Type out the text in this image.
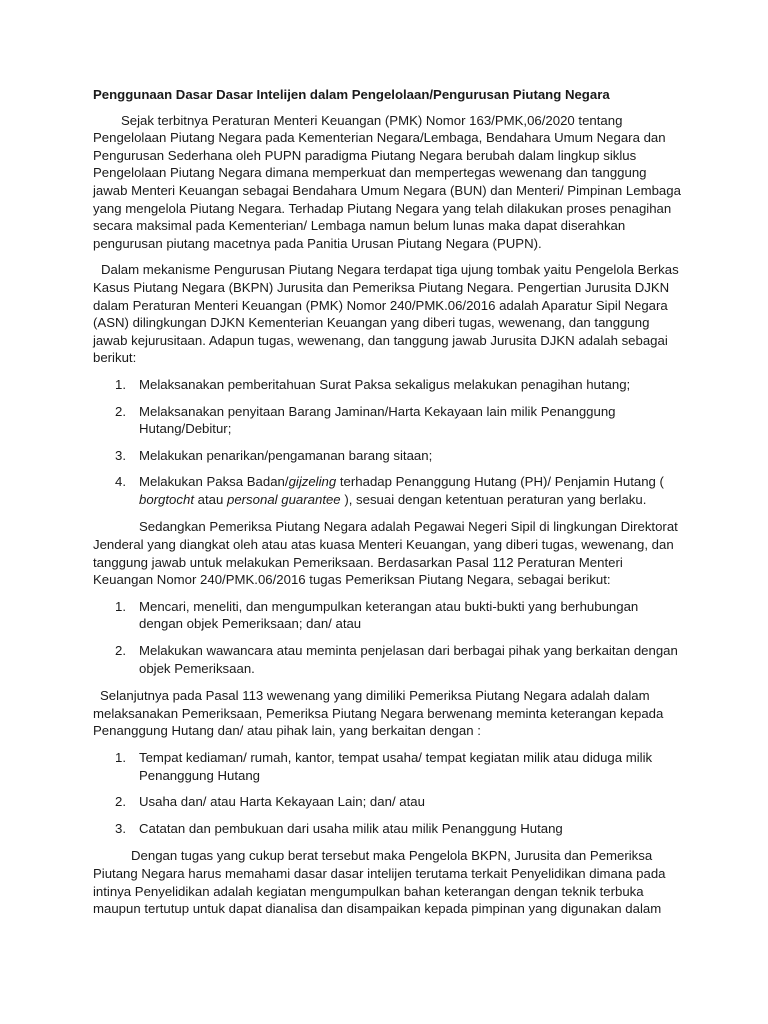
Penggunaan Dasar Dasar Intelijen dalam Pengelolaan/Pengurusan Piutang Negara

Sejak terbitnya Peraturan Menteri Keuangan (PMK) Nomor 163/PMK,06/2020 tentang Pengelolaan Piutang Negara pada Kementerian Negara/Lembaga, Bendahara Umum Negara dan Pengurusan Sederhana oleh PUPN paradigma Piutang Negara berubah dalam lingkup siklus Pengelolaan Piutang Negara dimana memperkuat dan mempertegas wewenang dan tanggung jawab Menteri Keuangan sebagai Bendahara Umum Negara (BUN) dan Menteri/ Pimpinan Lembaga yang mengelola Piutang Negara. Terhadap Piutang Negara yang telah dilakukan proses penagihan secara maksimal pada Kementerian/ Lembaga namun belum lunas maka dapat diserahkan pengurusan piutang macetnya pada Panitia Urusan Piutang Negara (PUPN).

Dalam mekanisme Pengurusan Piutang Negara terdapat tiga ujung tombak yaitu Pengelola Berkas Kasus Piutang Negara (BKPN) Jurusita dan Pemeriksa Piutang Negara. Pengertian Jurusita DJKN dalam Peraturan Menteri Keuangan (PMK) Nomor 240/PMK.06/2016 adalah Aparatur Sipil Negara (ASN) dilingkungan DJKN Kementerian Keuangan yang diberi tugas, wewenang, dan tanggung jawab kejurusitaan. Adapun tugas, wewenang, dan tanggung jawab Jurusita DJKN adalah sebagai berikut:

1. Melaksanakan pemberitahuan Surat Paksa sekaligus melakukan penagihan hutang;
2. Melaksanakan penyitaan Barang Jaminan/Harta Kekayaan lain milik Penanggung Hutang/Debitur;
3. Melakukan penarikan/pengamanan barang sitaan;
4. Melakukan Paksa Badan/gijzeling terhadap Penanggung Hutang (PH)/ Penjamin Hutang ( borgtocht atau personal guarantee ), sesuai dengan ketentuan peraturan yang berlaku.

Sedangkan Pemeriksa Piutang Negara adalah Pegawai Negeri Sipil di lingkungan Direktorat Jenderal yang diangkat oleh atau atas kuasa Menteri Keuangan, yang diberi tugas, wewenang, dan tanggung jawab untuk melakukan Pemeriksaan. Berdasarkan Pasal 112 Peraturan Menteri Keuangan Nomor 240/PMK.06/2016 tugas Pemeriksan Piutang Negara, sebagai berikut:

1. Mencari, meneliti, dan mengumpulkan keterangan atau bukti-bukti yang berhubungan dengan objek Pemeriksaan; dan/ atau
2. Melakukan wawancara atau meminta penjelasan dari berbagai pihak yang berkaitan dengan objek Pemeriksaan.

Selanjutnya pada Pasal 113 wewenang yang dimiliki Pemeriksa Piutang Negara adalah dalam melaksanakan Pemeriksaan, Pemeriksa Piutang Negara berwenang meminta keterangan kepada Penanggung Hutang dan/ atau pihak lain, yang berkaitan dengan :

1. Tempat kediaman/ rumah, kantor, tempat usaha/ tempat kegiatan milik atau diduga milik Penanggung Hutang
2. Usaha dan/ atau Harta Kekayaan Lain; dan/ atau
3. Catatan dan pembukuan dari usaha milik atau milik Penanggung Hutang

Dengan tugas yang cukup berat tersebut maka Pengelola BKPN, Jurusita dan Pemeriksa Piutang Negara harus memahami dasar dasar intelijen terutama terkait Penyelidikan dimana pada intinya Penyelidikan adalah kegiatan mengumpulkan bahan keterangan dengan teknik terbuka maupun tertutup untuk dapat dianalisa dan disampaikan kepada pimpinan yang digunakan dalam
